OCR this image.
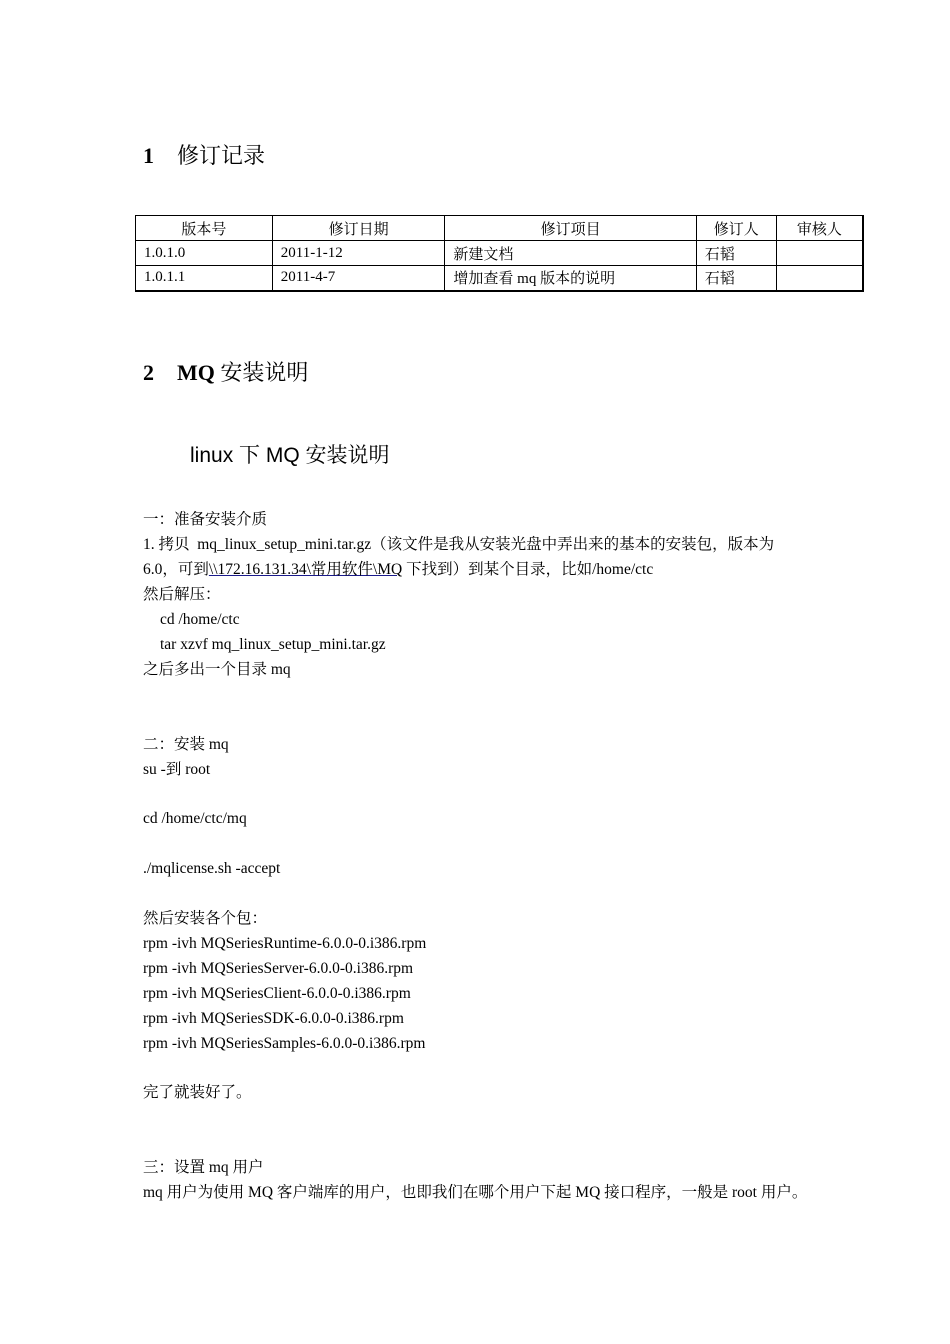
1 修订记录
版本号	修订日期	修订项目	修订人	审核人
1.0.1.0	2011-1-12	新建文档	石韬	
1.0.1.1	2011-4-7	增加查看 mq 版本的说明	石韬	
2 MQ 安装说明
linux 下 MQ 安装说明
一：准备安装介质
1. 拷贝  mq_linux_setup_mini.tar.gz（该文件是我从安装光盘中弄出来的基本的安装包，版本为
6.0，可到\\172.16.131.34\常用软件\MQ 下找到）到某个目录，比如/home/ctc
然后解压：
cd /home/ctc
tar xzvf mq_linux_setup_mini.tar.gz
之后多出一个目录 mq
二：安装 mq
su -到 root
cd /home/ctc/mq
./mqlicense.sh -accept
然后安装各个包：
rpm -ivh MQSeriesRuntime-6.0.0-0.i386.rpm
rpm -ivh MQSeriesServer-6.0.0-0.i386.rpm
rpm -ivh MQSeriesClient-6.0.0-0.i386.rpm
rpm -ivh MQSeriesSDK-6.0.0-0.i386.rpm
rpm -ivh MQSeriesSamples-6.0.0-0.i386.rpm
完了就装好了。
三：设置 mq 用户
mq 用户为使用 MQ 客户端库的用户，也即我们在哪个用户下起 MQ 接口程序，一般是 root 用户。
